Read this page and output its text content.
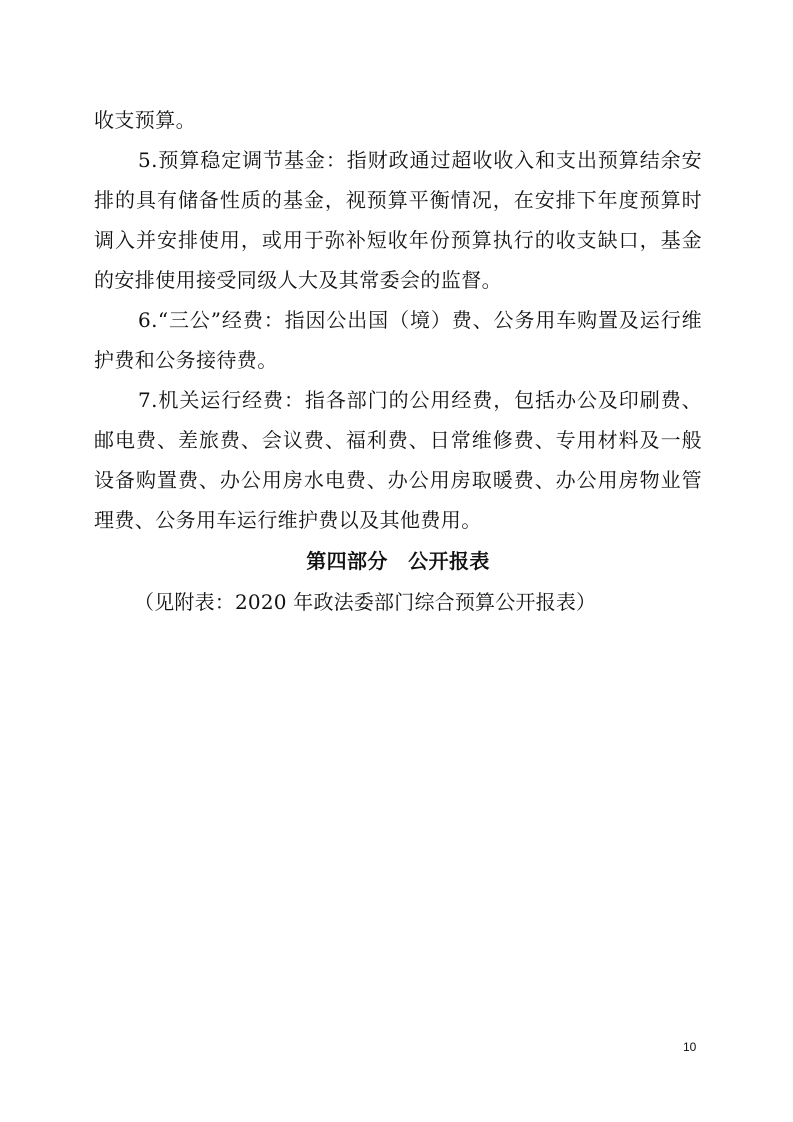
收支预算。
5.预算稳定调节基金：指财政通过超收收入和支出预算结余安排的具有储备性质的基金，视预算平衡情况，在安排下年度预算时调入并安排使用，或用于弥补短收年份预算执行的收支缺口，基金的安排使用接受同级人大及其常委会的监督。
6.“三公”经费：指因公出国（境）费、公务用车购置及运行维护费和公务接待费。
7.机关运行经费：指各部门的公用经费，包括办公及印刷费、邮电费、差旅费、会议费、福利费、日常维修费、专用材料及一般设备购置费、办公用房水电费、办公用房取暖费、办公用房物业管理费、公务用车运行维护费以及其他费用。
第四部分　公开报表
（见附表：2020 年政法委部门综合预算公开报表）
10
